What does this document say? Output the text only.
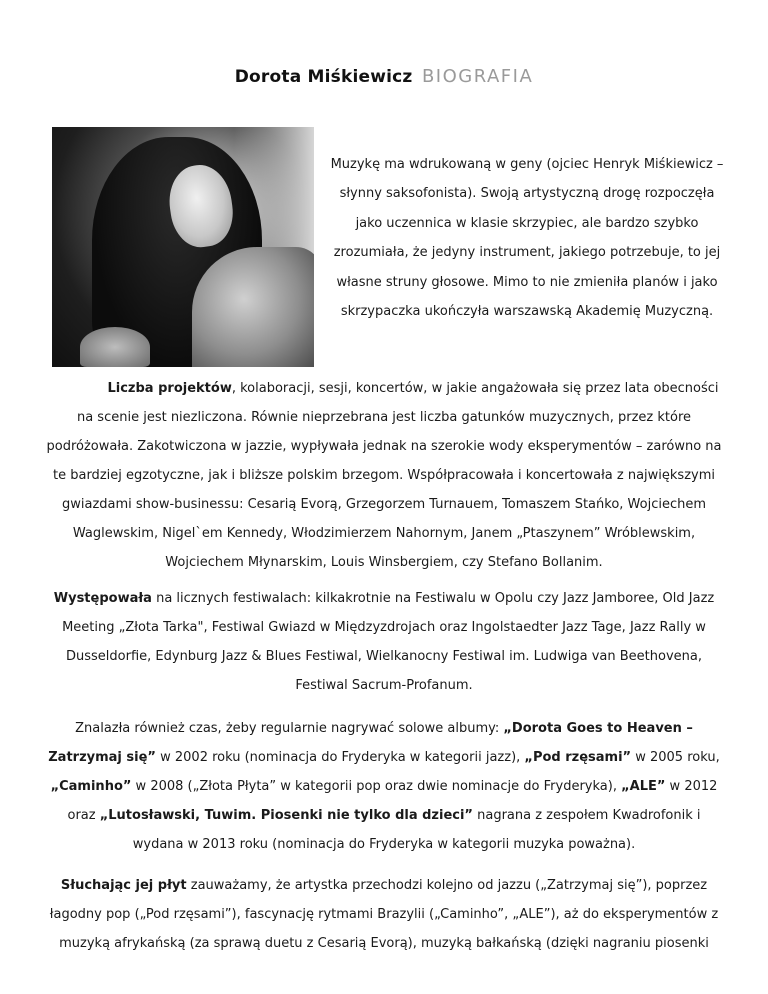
Dorota Miśkiewicz BIOGRAFIA
Muzykę ma wdrukowaną w geny (ojciec Henryk Miśkiewicz – słynny saksofonista). Swoją artystyczną drogę rozpoczęła jako uczennica w klasie skrzypiec, ale bardzo szybko zrozumiała, że jedyny instrument, jakiego potrzebuje, to jej własne struny głosowe. Mimo to nie zmieniła planów i jako skrzypaczka ukończyła warszawską Akademię Muzyczną.
Liczba projektów, kolaboracji, sesji, koncertów, w jakie angażowała się przez lata obecności na scenie jest niezliczona. Równie nieprzebrana jest liczba gatunków muzycznych, przez które podróżowała. Zakotwiczona w jazzie, wypływała jednak na szerokie wody eksperymentów – zarówno na te bardziej egzotyczne, jak i bliższe polskim brzegom. Współpracowała i koncertowała z największymi gwiazdami show-businessu: Cesarią Evorą, Grzegorzem Turnauem, Tomaszem Stańko, Wojciechem Waglewskim, Nigel`em Kennedy, Włodzimierzem Nahornym, Janem „Ptaszynem” Wróblewskim, Wojciechem Młynarskim, Louis Winsbergiem, czy Stefano Bollanim.
Występowała na licznych festiwalach: kilkakrotnie na Festiwalu w Opolu czy Jazz Jamboree, Old Jazz Meeting „Złota Tarka", Festiwal Gwiazd w Międzyzdrojach oraz Ingolstaedter Jazz Tage, Jazz Rally w Dusseldorfie, Edynburg Jazz & Blues Festiwal, Wielkanocny Festiwal im. Ludwiga van Beethovena, Festiwal Sacrum-Profanum.
Znalazła również czas, żeby regularnie nagrywać solowe albumy: „Dorota Goes to Heaven – Zatrzymaj się” w 2002 roku (nominacja do Fryderyka w kategorii jazz), „Pod rzęsami” w 2005 roku, „Caminho” w 2008 („Złota Płyta” w kategorii pop oraz dwie nominacje do Fryderyka), „ALE” w 2012 oraz „Lutosławski, Tuwim. Piosenki nie tylko dla dzieci” nagrana z zespołem Kwadrofonik i wydana w 2013 roku (nominacja do Fryderyka w kategorii muzyka poważna).
Słuchając jej płyt zauważamy, że artystka przechodzi kolejno od jazzu („Zatrzymaj się”), poprzez łagodny pop („Pod rzęsami”), fascynację rytmami Brazylii („Caminho”, „ALE”), aż do eksperymentów z muzyką afrykańską (za sprawą duetu z Cesarią Evorą), muzyką bałkańską (dzięki nagraniu piosenki
